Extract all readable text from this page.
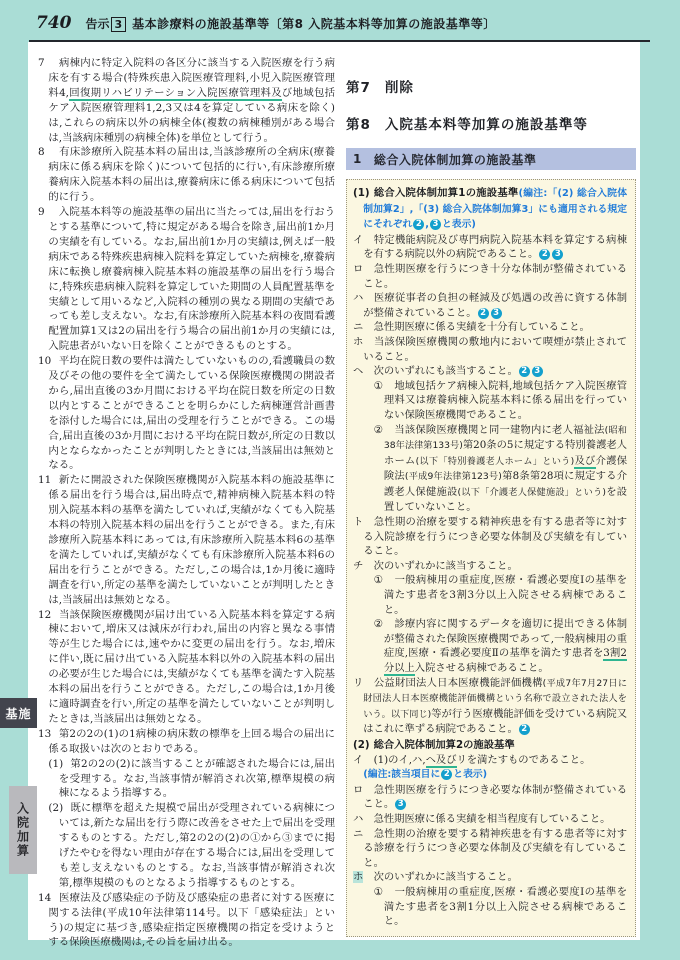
740 告示 3 基本診療料の施設基準等〔第8 入院基本料等加算の施設基準等〕
7 病棟内に特定入院料の各区分に該当する入院医療を行う病床を有する場合(特殊疾患入院医療管理料,小児入院医療管理料4,回復期リハビリテーション入院医療管理料及び地域包括ケア入院医療管理料1,2,3又は4を算定している病床を除く)は,これらの病床以外の病棟全体(複数の病棟種別がある場合は,当該病床種別の病棟全体)を単位として行う。
8 有床診療所入院基本料の届出は,当該診療所の全病床(療養病床に係る病床を除く)について包括的に行い,有床診療所療養病床入院基本料の届出は,療養病床に係る病床について包括的に行う。
9 入院基本料等の施設基準の届出に当たっては,届出を行おうとする基準について,特に規定がある場合を除き,届出前1か月の実績を有している。なお,届出前1か月の実績は,例えば一般病床である特殊疾患病棟入院料を算定していた病棟を,療養病床に転換し療養病棟入院基本料の施設基準の届出を行う場合に,特殊疾患病棟入院料を算定していた期間の人員配置基準を実績として用いるなど,入院料の種別の異なる期間の実績であっても差し支えない。なお,有床診療所入院基本料の夜間看護配置加算1又は2の届出を行う場合の届出前1か月の実績には,入院患者がいない日を除くことができるものとする。
10 平均在院日数の要件は満たしていないものの,看護職員の数及びその他の要件を全て満たしている保険医療機関の開設者から,届出直後の3か月間における平均在院日数を所定の日数以内とすることができることを明らかにした病棟運営計画書を添付した場合には,届出の受理を行うことができる。この場合,届出直後の3か月間における平均在院日数が,所定の日数以内とならなかったことが判明したときには,当該届出は無効となる。
11 新たに開設された保険医療機関が入院基本料の施設基準に係る届出を行う場合は,届出時点で,精神病棟入院基本料の特別入院基本料の基準を満たしていれば,実績がなくても入院基本料の特別入院基本料の届出を行うことができる。また,有床診療所入院基本料にあっては,有床診療所入院基本料6の基準を満たしていれば,実績がなくても有床診療所入院基本料6の届出を行うことができる。ただし,この場合は,1か月後に適時調査を行い,所定の基準を満たしていないことが判明したときは,当該届出は無効となる。
12 当該保険医療機関が届け出ている入院基本料を算定する病棟において,増床又は減床が行われ,届出の内容と異なる事情等が生じた場合には,速やかに変更の届出を行う。なお,増床に伴い,既に届け出ている入院基本料以外の入院基本料の届出の必要が生じた場合には,実績がなくても基準を満たす入院基本料の届出を行うことができる。ただし,この場合は,1か月後に適時調査を行い,所定の基準を満たしていないことが判明したときは,当該届出は無効となる。
13 第2の2の(1)の1病棟の病床数の標準を上回る場合の届出に係る取扱いは次のとおりである。
(1) 第2の2の(2)に該当することが確認された場合には,届出を受理する。なお,当該事情が解消され次第,標準規模の病棟になるよう指導する。
(2) 既に標準を超えた規模で届出が受理されている病棟については,新たな届出を行う際に改善をさせた上で届出を受理するものとする。ただし,第2の2の(2)の①から③までに掲げたやむを得ない理由が存在する場合には,届出を受理しても差し支えないものとする。なお,当該事情が解消され次第,標準規模のものとなるよう指導するものとする。
14 医療法及び感染症の予防及び感染症の患者に対する医療に関する法律(平成10年法律第114号。以下「感染症法」という)の規定に基づき,感染症指定医療機関の指定を受けようとする保険医療機関は,その旨を届け出る。
第7 削除
第8 入院基本料等加算の施設基準等
1 総合入院体制加算の施設基準
(1) 総合入院体制加算1の施設基準(編注:「(2) 総合入院体制加算2」,「(3) 総合入院体制加算3」にも適用される規定にそれぞれ 2 , 3 と表示)
イ 特定機能病院及び専門病院入院基本料を算定する病棟を有する病院以外の病院であること。 2 3
ロ 急性期医療を行うにつき十分な体制が整備されていること。
ハ 医療従事者の負担の軽減及び処遇の改善に資する体制が整備されていること。 2 3
ニ 急性期医療に係る実績を十分有していること。
ホ 当該保険医療機関の敷地内において喫煙が禁止されていること。
ヘ 次のいずれにも該当すること。 2 3
① 地域包括ケア病棟入院料,地域包括ケア入院医療管理料又は療養病棟入院基本料に係る届出を行っていない保険医療機関であること。
② 当該保険医療機関と同一建物内に老人福祉法(昭和38年法律第133号)第20条の5に規定する特別養護老人ホーム(以下「特別養護老人ホーム」という)及び介護保険法(平成9年法律第123号)第8条第28項に規定する介護老人保健施設(以下「介護老人保健施設」という)を設置していないこと。
ト 急性期の治療を要する精神疾患を有する患者等に対する入院診療を行うにつき必要な体制及び実績を有していること。
チ 次のいずれかに該当すること。
① 一般病棟用の重症度,医療・看護必要度Ⅰの基準を満たす患者を3割3分以上入院させる病棟であること。
② 診療内容に関するデータを適切に提出できる体制が整備された保険医療機関であって,一般病棟用の重症度,医療・看護必要度Ⅱの基準を満たす患者を3割2分以上入院させる病棟であること。
リ 公益財団法人日本医療機能評価機構(平成7年7月27日に財団法人日本医療機能評価機構という名称で設立された法人をいう。以下同じ)等が行う医療機能評価を受けている病院又はこれに準ずる病院であること。 2
(2) 総合入院体制加算2の施設基準
イ (1)のイ,ハ,ヘ及びリを満たすものであること。
(編注:該当項目に 2 と表示)
ロ 急性期医療を行うにつき必要な体制が整備されていること。 3
ハ 急性期医療に係る実績を相当程度有していること。
ニ 急性期の治療を要する精神疾患を有する患者等に対する診療を行うにつき必要な体制及び実績を有していること。
ホ 次のいずれかに該当すること。
① 一般病棟用の重症度,医療・看護必要度Ⅰの基準を満たす患者を3割1分以上入院させる病棟であること。
基施
入院加算
